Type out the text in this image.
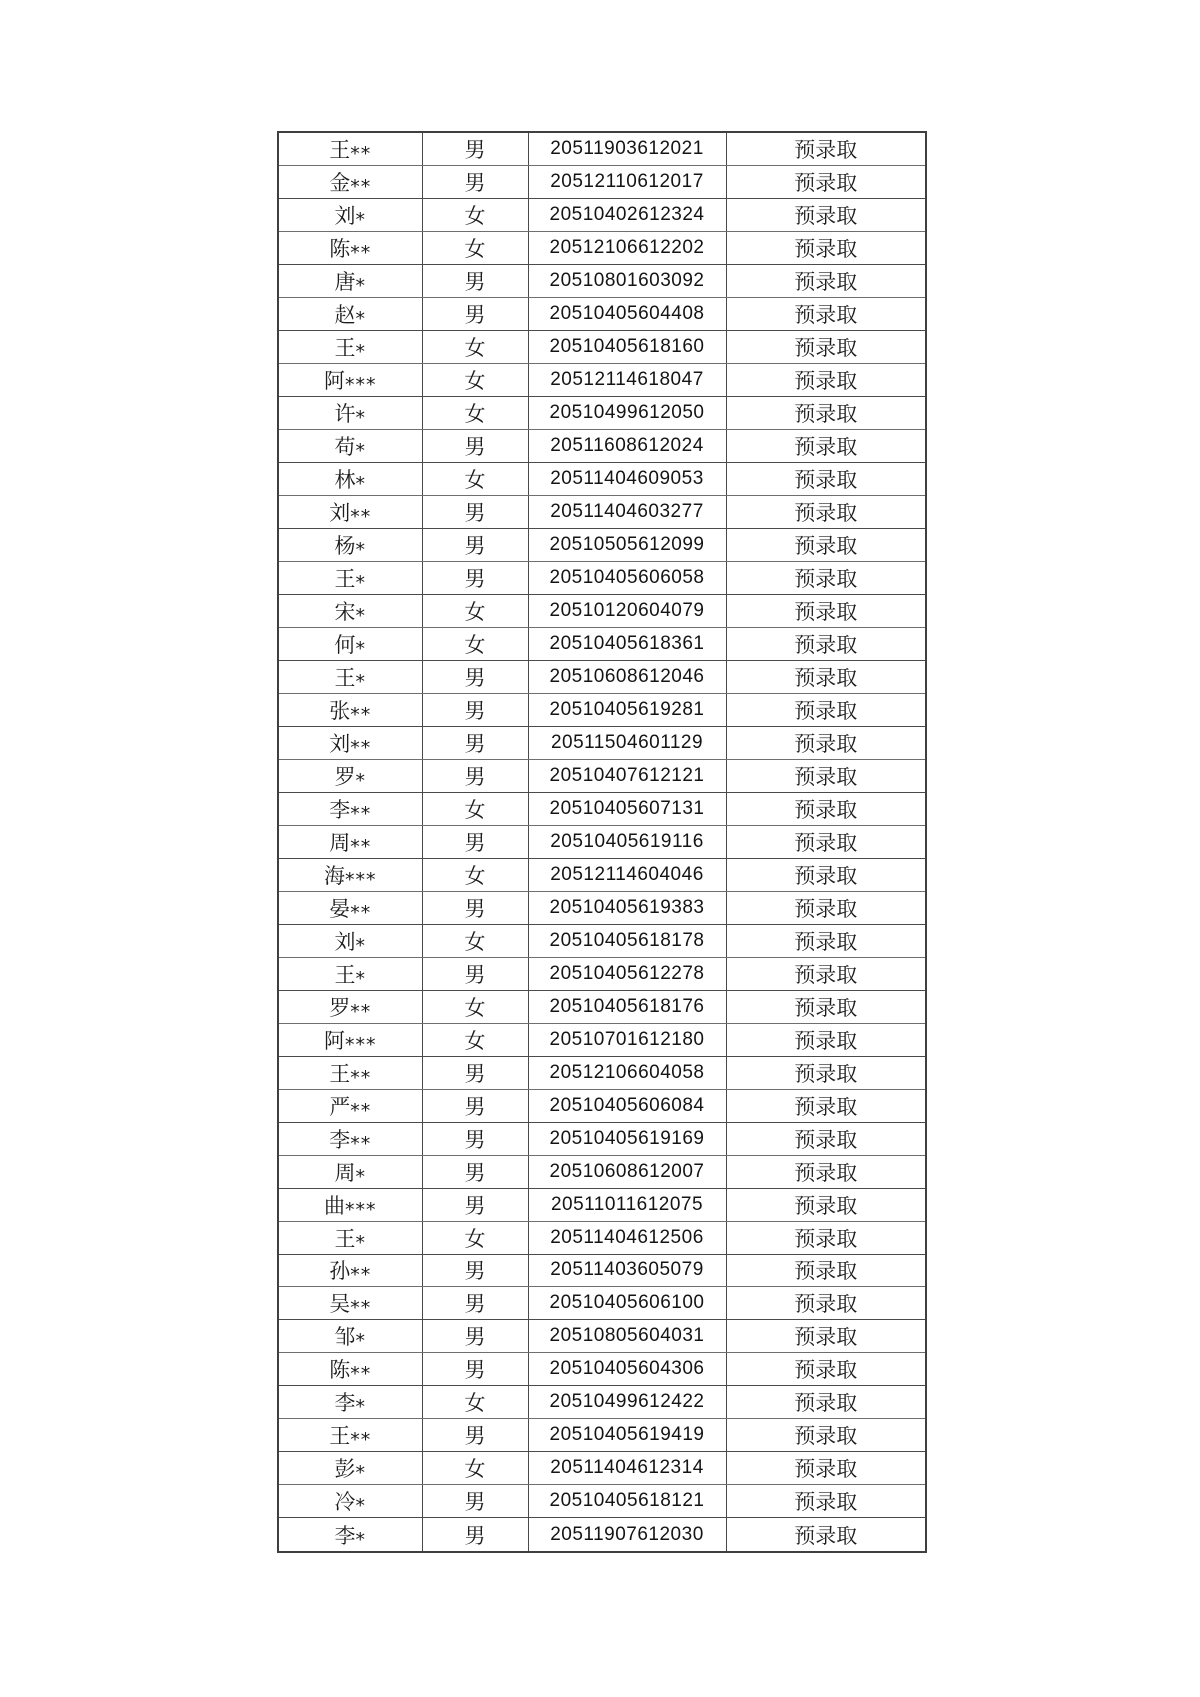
王**	男	20511903612021	预录取
金**	男	20512110612017	预录取
刘*	女	20510402612324	预录取
陈**	女	20512106612202	预录取
唐*	男	20510801603092	预录取
赵*	男	20510405604408	预录取
王*	女	20510405618160	预录取
阿***	女	20512114618047	预录取
许*	女	20510499612050	预录取
苟*	男	20511608612024	预录取
林*	女	20511404609053	预录取
刘**	男	20511404603277	预录取
杨*	男	20510505612099	预录取
王*	男	20510405606058	预录取
宋*	女	20510120604079	预录取
何*	女	20510405618361	预录取
王*	男	20510608612046	预录取
张**	男	20510405619281	预录取
刘**	男	20511504601129	预录取
罗*	男	20510407612121	预录取
李**	女	20510405607131	预录取
周**	男	20510405619116	预录取
海***	女	20512114604046	预录取
晏**	男	20510405619383	预录取
刘*	女	20510405618178	预录取
王*	男	20510405612278	预录取
罗**	女	20510405618176	预录取
阿***	女	20510701612180	预录取
王**	男	20512106604058	预录取
严**	男	20510405606084	预录取
李**	男	20510405619169	预录取
周*	男	20510608612007	预录取
曲***	男	20511011612075	预录取
王*	女	20511404612506	预录取
孙**	男	20511403605079	预录取
吴**	男	20510405606100	预录取
邹*	男	20510805604031	预录取
陈**	男	20510405604306	预录取
李*	女	20510499612422	预录取
王**	男	20510405619419	预录取
彭*	女	20511404612314	预录取
冷*	男	20510405618121	预录取
李*	男	20511907612030	预录取
